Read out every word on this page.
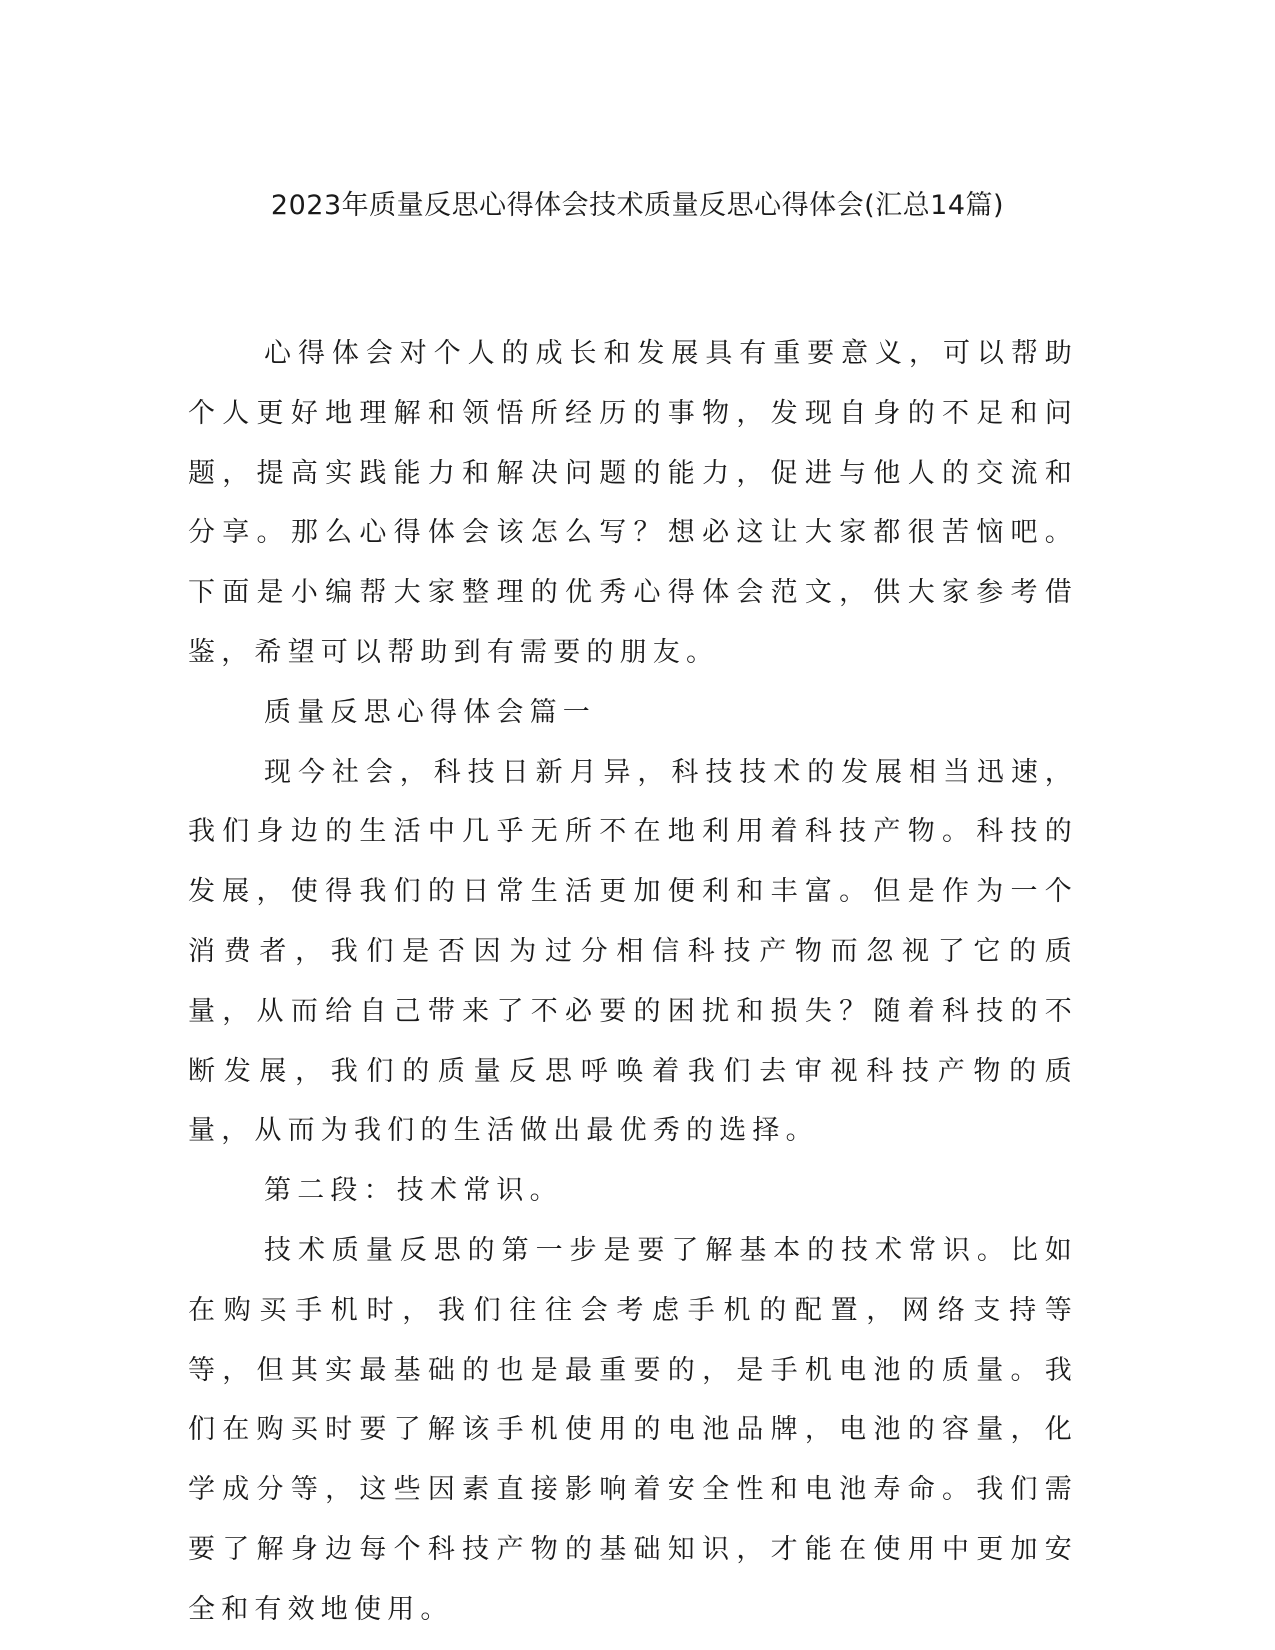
2023年质量反思心得体会技术质量反思心得体会(汇总14篇)

心得体会对个人的成长和发展具有重要意义，可以帮助个人更好地理解和领悟所经历的事物，发现自身的不足和问题，提高实践能力和解决问题的能力，促进与他人的交流和分享。那么心得体会该怎么写？想必这让大家都很苦恼吧。下面是小编帮大家整理的优秀心得体会范文，供大家参考借鉴，希望可以帮助到有需要的朋友。

质量反思心得体会篇一

现今社会，科技日新月异，科技技术的发展相当迅速，我们身边的生活中几乎无所不在地利用着科技产物。科技的发展，使得我们的日常生活更加便利和丰富。但是作为一个消费者，我们是否因为过分相信科技产物而忽视了它的质量，从而给自己带来了不必要的困扰和损失？随着科技的不断发展，我们的质量反思呼唤着我们去审视科技产物的质量，从而为我们的生活做出最优秀的选择。

第二段：技术常识。

技术质量反思的第一步是要了解基本的技术常识。比如在购买手机时，我们往往会考虑手机的配置，网络支持等等，但其实最基础的也是最重要的，是手机电池的质量。我们在购买时要了解该手机使用的电池品牌，电池的容量，化学成分等，这些因素直接影响着安全性和电池寿命。我们需要了解身边每个科技产物的基础知识，才能在使用中更加安全和有效地使用。
